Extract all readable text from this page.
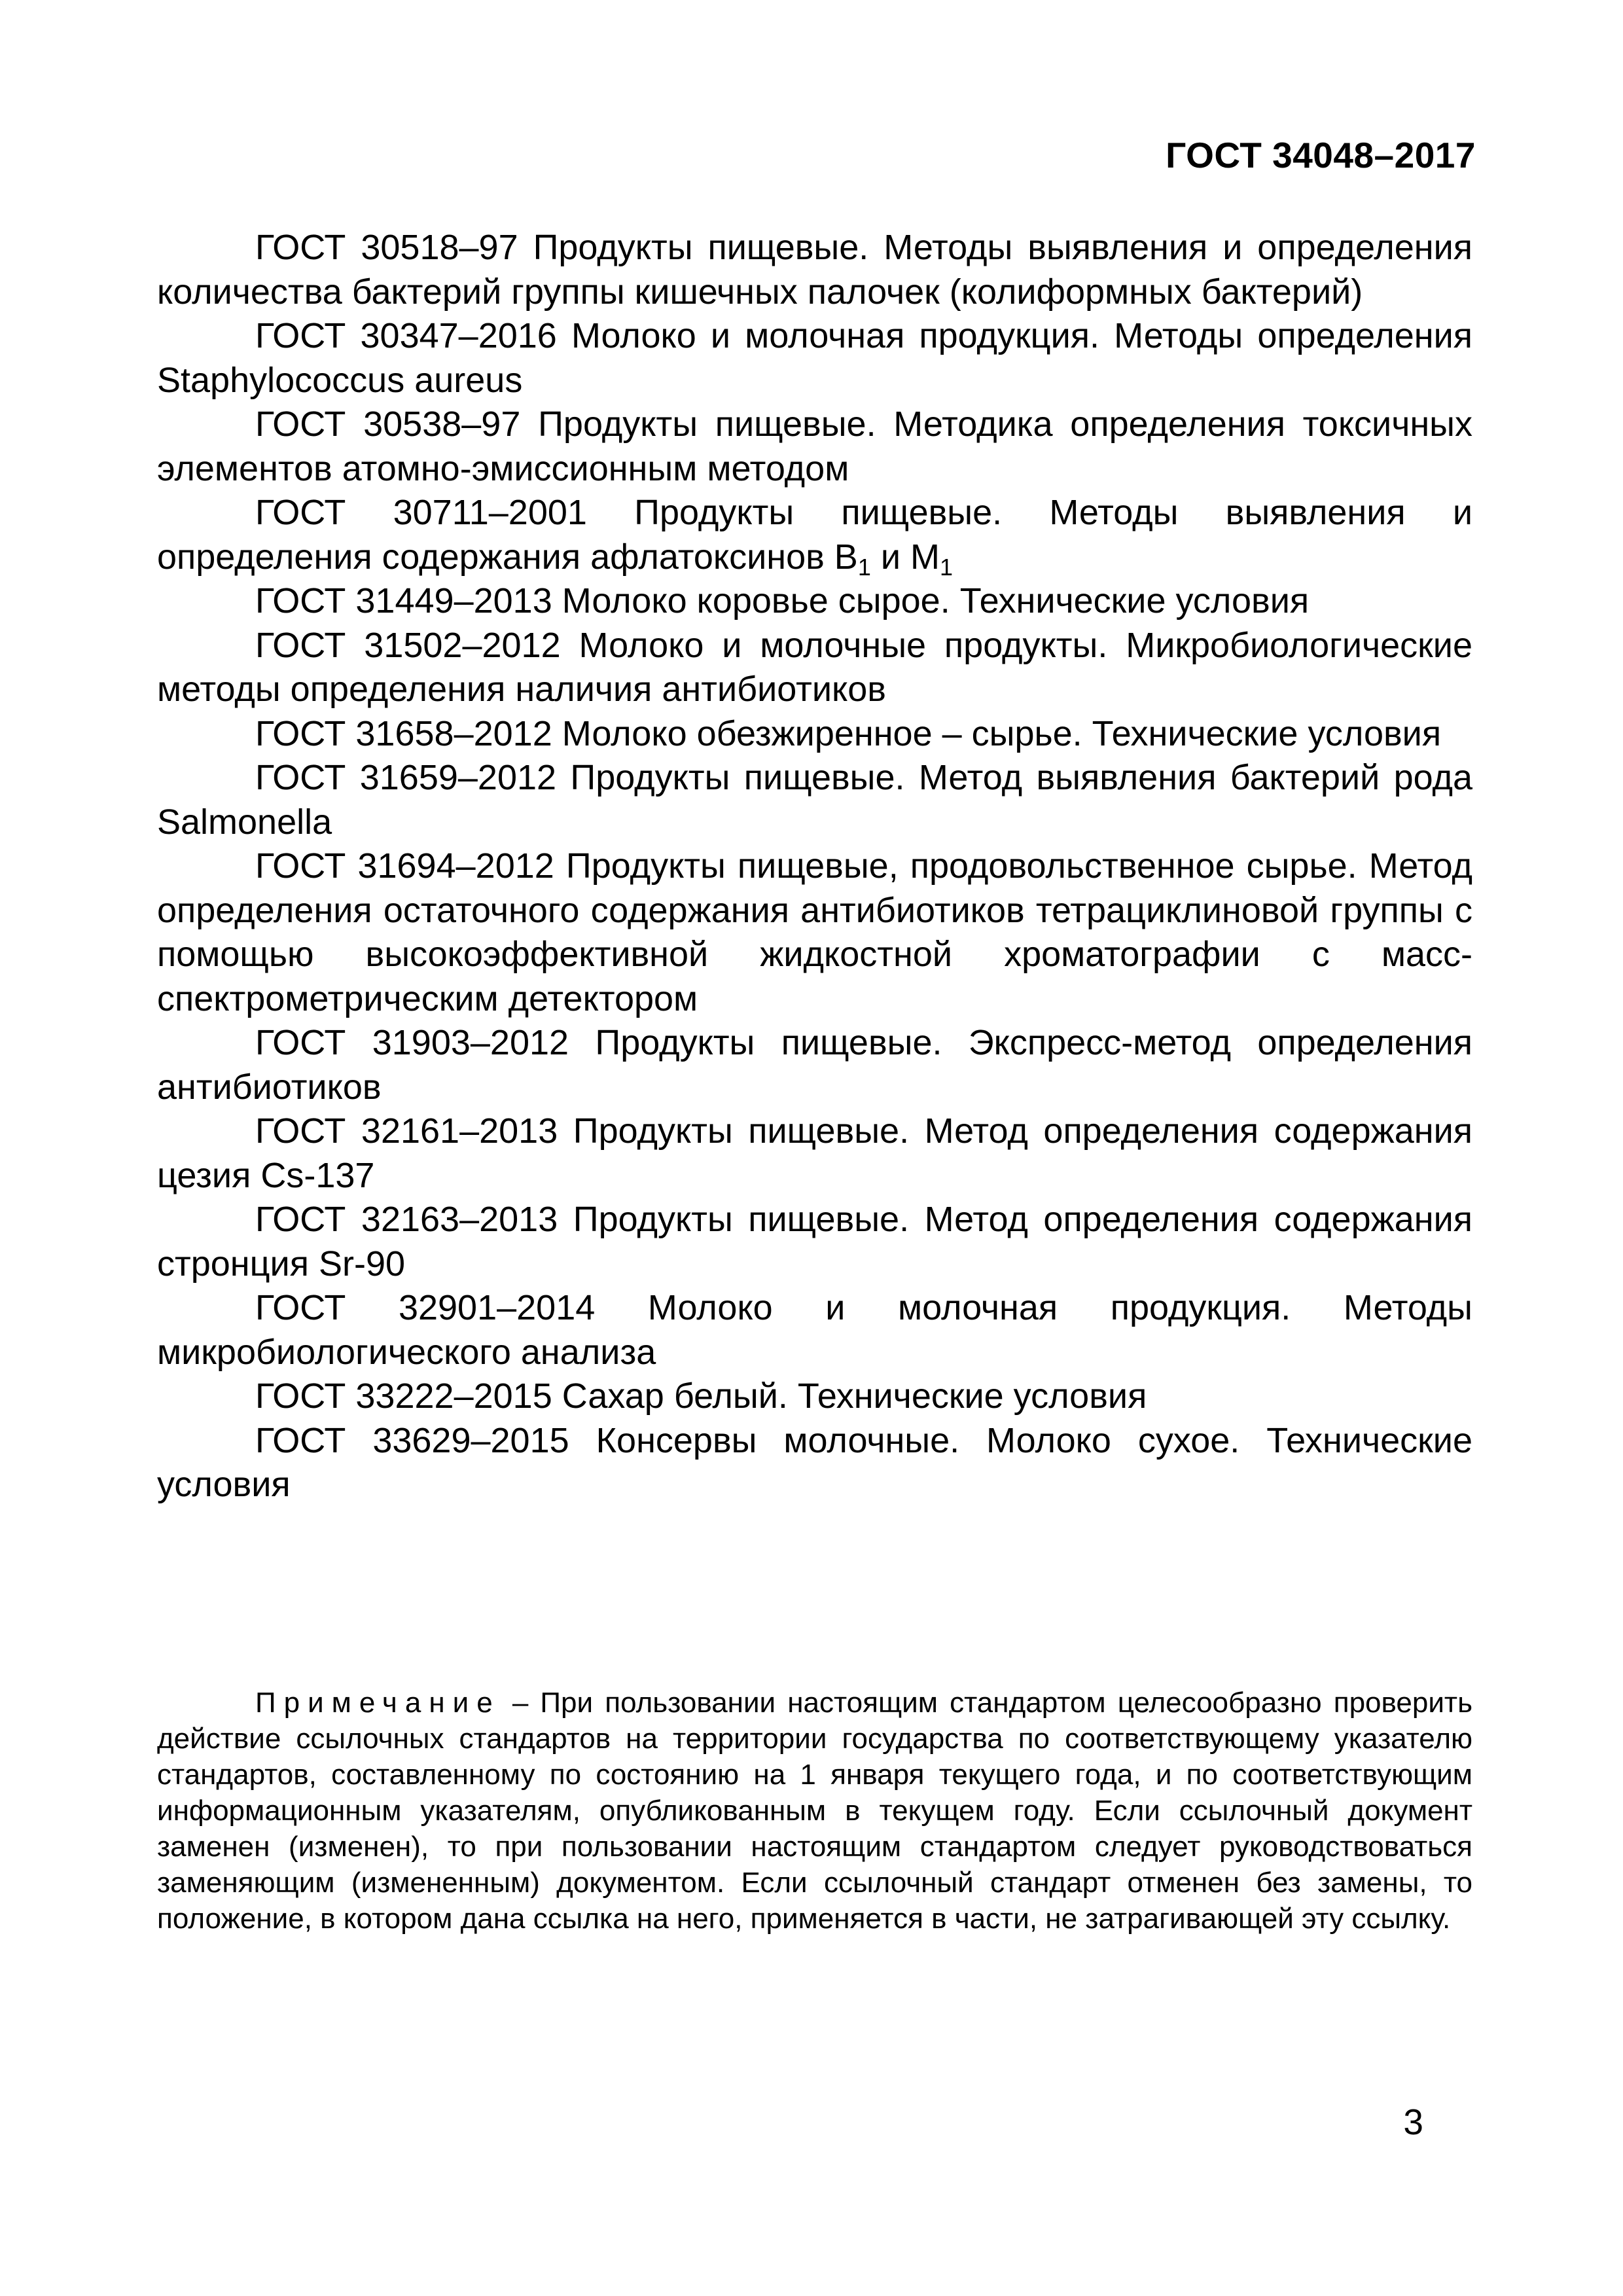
ГОСТ 34048–2017

ГОСТ 30518–97 Продукты пищевые. Методы выявления и определения количества бактерий группы кишечных палочек (колиформных бактерий)

ГОСТ 30347–2016 Молоко и молочная продукция. Методы определения Staphylococcus aureus

ГОСТ 30538–97 Продукты пищевые. Методика определения токсичных элементов атомно-эмиссионным методом

ГОСТ 30711–2001 Продукты пищевые. Методы выявления и определения содержания афлатоксинов $B_1$ и $M_1$

ГОСТ 31449–2013 Молоко коровье сырое. Технические условия

ГОСТ 31502–2012 Молоко и молочные продукты. Микробиологические методы определения наличия антибиотиков

ГОСТ 31658–2012 Молоко обезжиренное – сырье. Технические условия

ГОСТ 31659–2012 Продукты пищевые. Метод выявления бактерий рода Salmonella

ГОСТ 31694–2012 Продукты пищевые, продовольственное сырье. Метод определения остаточного содержания антибиотиков тетрациклиновой группы с помощью высокоэффективной жидкостной хроматографии с масс-спектрометрическим детектором

ГОСТ 31903–2012 Продукты пищевые. Экспресс-метод определения антибиотиков

ГОСТ 32161–2013 Продукты пищевые. Метод определения содержания цезия Cs-137

ГОСТ 32163–2013 Продукты пищевые. Метод определения содержания стронция Sr-90

ГОСТ 32901–2014 Молоко и молочная продукция. Методы микробиологического анализа

ГОСТ 33222–2015 Сахар белый. Технические условия

ГОСТ 33629–2015 Консервы молочные. Молоко сухое. Технические условия

Примечание – При пользовании настоящим стандартом целесообразно проверить действие ссылочных стандартов на территории государства по соответствующему указателю стандартов, составленному по состоянию на 1 января текущего года, и по соответствующим информационным указателям, опубликованным в текущем году. Если ссылочный документ заменен (изменен), то при пользовании настоящим стандартом следует руководствоваться заменяющим (измененным) документом. Если ссылочный стандарт отменен без замены, то положение, в котором дана ссылка на него, применяется в части, не затрагивающей эту ссылку.

3
